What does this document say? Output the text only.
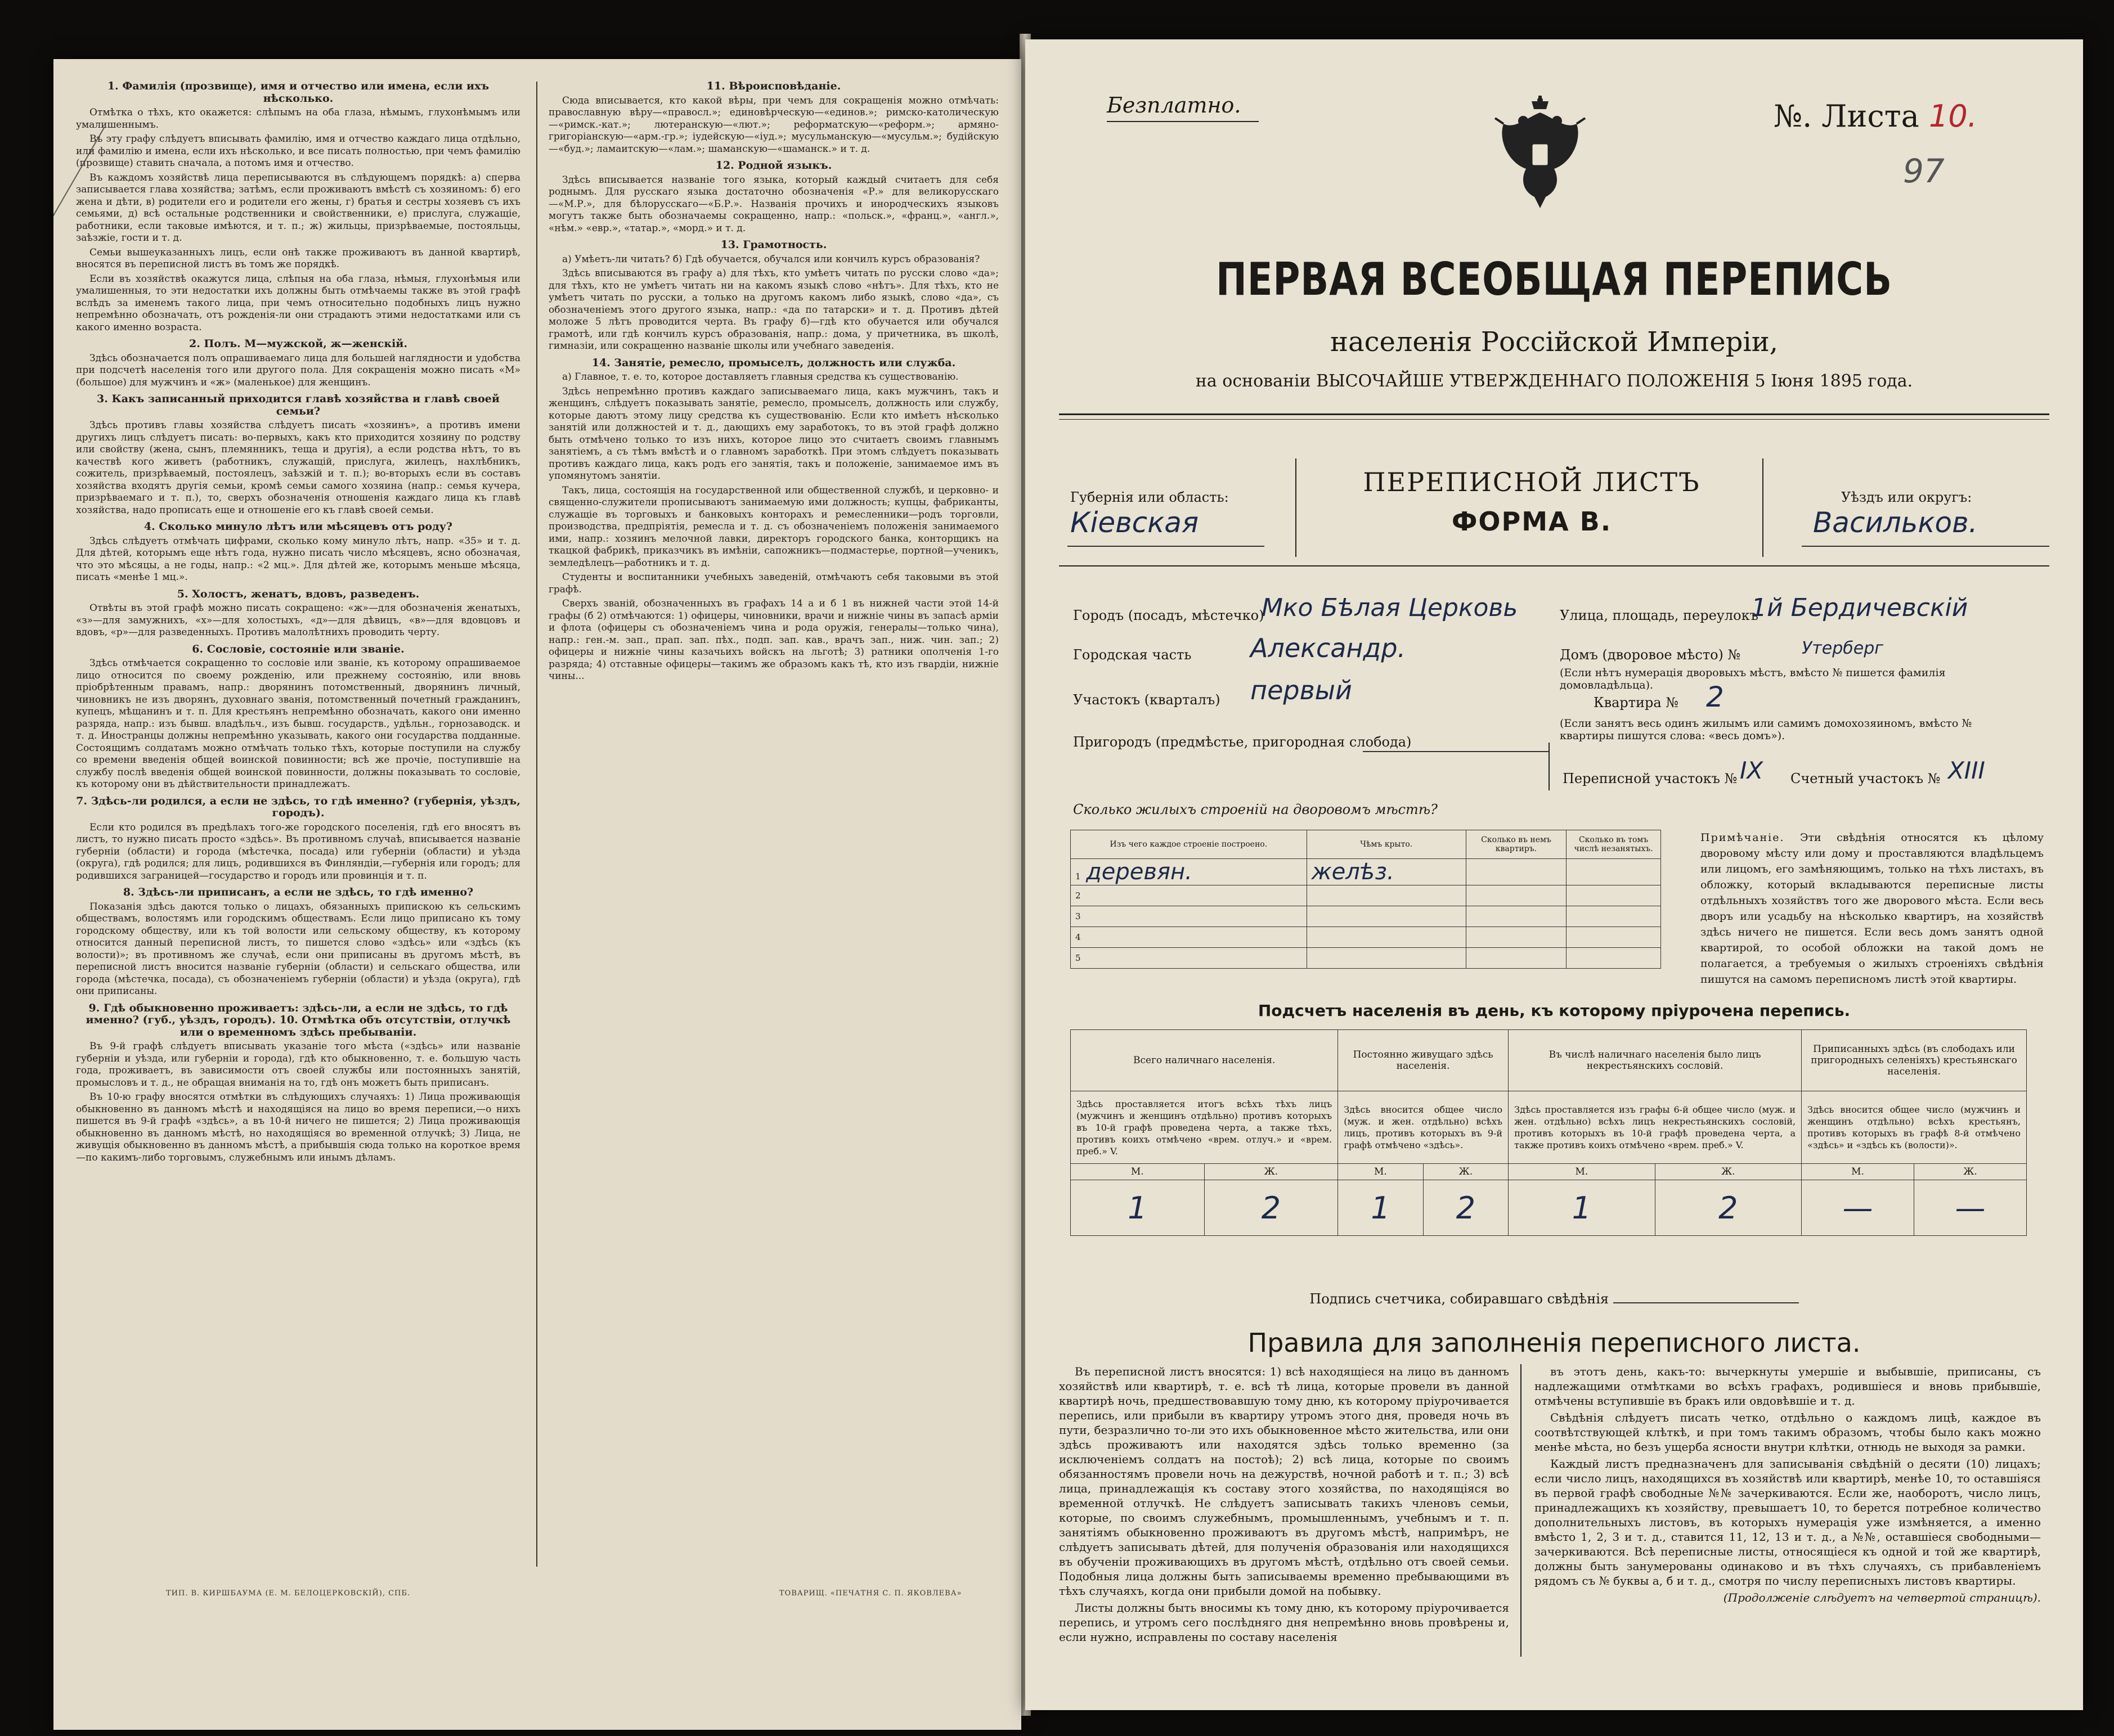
1. Фамилія (прозвище), имя и отчество или имена, если ихъ нѣсколько.

Отмѣтка о тѣхъ, кто окажется: слѣпымъ на оба глаза, нѣмымъ, глухонѣмымъ или умалишеннымъ.

Въ эту графу слѣдуетъ вписывать фамилію, имя и отчество каждаго лица отдѣльно, или фамилію и имена, если ихъ нѣсколько, и все писать полностью, при чемъ фамилію (прозвище) ставить сначала, а потомъ имя и отчество.

Въ каждомъ хозяйствѣ лица переписываются въ слѣдующемъ порядкѣ: а) сперва записывается глава хозяйства; затѣмъ, если проживаютъ вмѣстѣ съ хозяиномъ: б) его жена и дѣти, в) родители его и родители его жены, г) братья и сестры хозяевъ съ ихъ семьями, д) всѣ остальные родственники и свойственники, е) прислуга, служащіе, работники, если таковые имѣются, и т. п.; ж) жильцы, призрѣваемые, постояльцы, заѣзжіе, гости и т. д.

Семьи вышеуказанныхъ лицъ, если онѣ также проживаютъ въ данной квартирѣ, вносятся въ переписной листъ въ томъ же порядкѣ.

Если въ хозяйствѣ окажутся лица, слѣпыя на оба глаза, нѣмыя, глухонѣмыя или умалишенныя, то эти недостатки ихъ должны быть отмѣчаемы также въ этой графѣ вслѣдъ за именемъ такого лица, при чемъ относительно подобныхъ лицъ нужно непремѣнно обозначать, отъ рожденія-ли они страдаютъ этими недостатками или съ какого именно возраста.

2. Полъ. М—мужской, ж—женскій.

Здѣсь обозначается полъ опрашиваемаго лица для большей наглядности и удобства при подсчетѣ населенія того или другого пола. Для сокращенія можно писать «М» (большое) для мужчинъ и «ж» (маленькое) для женщинъ.

3. Какъ записанный приходится главѣ хозяйства и главѣ своей семьи?

Здѣсь противъ главы хозяйства слѣдуетъ писать «хозяинъ», а противъ имени другихъ лицъ слѣдуетъ писать: во-первыхъ, какъ кто приходится хозяину по родству или свойству (жена, сынъ, племянникъ, теща и другія), а если родства нѣтъ, то въ качествѣ кого живетъ (работникъ, служащій, прислуга, жилецъ, нахлѣбникъ, сожитель, призрѣваемый, постоялецъ, заѣзжій и т. п.); во-вторыхъ если въ составъ хозяйства входятъ другія семьи, кромѣ семьи самого хозяина (напр.: семья кучера, призрѣваемаго и т. п.), то, сверхъ обозначенія отношенія каждаго лица къ главѣ хозяйства, надо прописать еще и отношеніе его къ главѣ своей семьи.

4. Сколько минуло лѣтъ или мѣсяцевъ отъ роду?

Здѣсь слѣдуетъ отмѣчать цифрами, сколько кому минуло лѣтъ, напр. «35» и т. д. Для дѣтей, которымъ еще нѣтъ года, нужно писать число мѣсяцевъ, ясно обозначая, что это мѣсяцы, а не годы, напр.: «2 мц.». Для дѣтей же, которымъ меньше мѣсяца, писать «менѣе 1 мц.».

5. Холостъ, женатъ, вдовъ, разведенъ.

Отвѣты въ этой графѣ можно писать сокращено: «ж»—для обозначенія женатыхъ, «з»—для замужнихъ, «х»—для холостыхъ, «д»—для дѣвицъ, «в»—для вдовцовъ и вдовъ, «р»—для разведенныхъ. Противъ малолѣтнихъ проводить черту.

6. Сословіе, состояніе или званіе.

Здѣсь отмѣчается сокращенно то сословіе или званіе, къ которому опрашиваемое лицо относится по своему рожденію, или прежнему состоянію, или вновь пріобрѣтенным правамъ, напр.: дворянинъ потомственный, дворянинъ личный, чиновникъ не изъ дворянъ, духовнаго званія, потомственный почетный гражданинъ, купецъ, мѣщанинъ и т. п. Для крестьянъ непремѣнно обозначать, какого они именно разряда, напр.: изъ бывш. владѣльч., изъ бывш. государств., удѣльн., горнозаводск. и т. д. Иностранцы должны непремѣнно указывать, какого они государства подданные. Состоящимъ солдатамъ можно отмѣчать только тѣхъ, которые поступили на службу со времени введенія общей воинской повинности; всѣ же прочіе, поступившіе на службу послѣ введенія общей воинской повинности, должны показывать то сословіе, къ которому они въ дѣйствительности принадлежатъ.

7. Здѣсь-ли родился, а если не здѣсь, то гдѣ именно? (губернія, уѣздъ, городъ).

Если кто родился въ предѣлахъ того-же городского поселенія, гдѣ его вносятъ въ листъ, то нужно писать просто «здѣсь». Въ противномъ случаѣ, вписывается названіе губерніи (области) и города (мѣстечка, посада) или губерніи (области) и уѣзда (округа), гдѣ родился; для лицъ, родившихся въ Финляндіи,—губернія или городъ; для родившихся заграницей—государство и городъ или провинція и т. п.

8. Здѣсь-ли приписанъ, а если не здѣсь, то гдѣ именно?

Показанія здѣсь даются только о лицахъ, обязанныхъ припискою къ сельскимъ обществамъ, волостямъ или городскимъ обществамъ. Если лицо приписано къ тому городскому обществу, или къ той волости или сельскому обществу, къ которому относится данный переписной листъ, то пишется слово «здѣсь» или «здѣсь (къ волости)»; въ противномъ же случаѣ, если они приписаны въ другомъ мѣстѣ, въ переписной листъ вносится названіе губерніи (области) и сельскаго общества, или города (мѣстечка, посада), съ обозначеніемъ губерніи (области) и уѣзда (округа), гдѣ они приписаны.

9. Гдѣ обыкновенно проживаетъ: здѣсь-ли, а если не здѣсь, то гдѣ именно? (губ., уѣздъ, городъ). 10. Отмѣтка объ отсутствіи, отлучкѣ или о временномъ здѣсь пребываніи.

Въ 9-й графѣ слѣдуетъ вписывать указаніе того мѣста («здѣсь» или названіе губерніи и уѣзда, или губерніи и города), гдѣ кто обыкновенно, т. е. большую часть года, проживаетъ, въ зависимости отъ своей службы или постоянныхъ занятій, промысловъ и т. д., не обращая вниманія на то, гдѣ онъ можетъ быть приписанъ.

Въ 10-ю графу вносятся отмѣтки въ слѣдующихъ случаяхъ: 1) Лица проживающія обыкновенно въ данномъ мѣстѣ и находящіяся на лицо во время переписи,—о нихъ пишется въ 9-й графѣ «здѣсь», а въ 10-й ничего не пишется; 2) Лица проживающія обыкновенно въ данномъ мѣстѣ, но находящіяся во временной отлучкѣ; 3) Лица, не живущія обыкновенно въ данномъ мѣстѣ, а прибывшія сюда только на короткое время—по какимъ-либо торговымъ, служебнымъ или инымъ дѣламъ.

11. Вѣроисповѣданіе.

Сюда вписывается, кто какой вѣры, при чемъ для сокращенія можно отмѣчать: православную вѣру—«правосл.»; единовѣрческую—«единов.»; римско-католическую—«римск.-кат.»; лютеранскую—«лют.»; реформатскую—«реформ.»; армяно-григоріанскую—«арм.-гр.»; іудейскую—«іуд.»; мусульманскую—«мусульм.»; будійскую—«буд.»; ламаитскую—«лам.»; шаманскую—«шаманск.» и т. д.

12. Родной языкъ.

Здѣсь вписывается названіе того языка, который каждый считаетъ для себя роднымъ. Для русскаго языка достаточно обозначенія «Р.» для великорусскаго—«М.Р.», для бѣлорусскаго—«Б.Р.». Названія прочихъ и инородческихъ языковъ могутъ также быть обозначаемы сокращенно, напр.: «польск.», «франц.», «англ.», «нѣм.» «евр.», «татар.», «морд.» и т. д.

13. Грамотность.

а) Умѣетъ-ли читать? б) Гдѣ обучается, обучался или кончилъ курсъ образованія?

Здѣсь вписываются въ графу а) для тѣхъ, кто умѣетъ читать по русски слово «да»; для тѣхъ, кто не умѣетъ читать ни на какомъ языкѣ слово «нѣтъ». Для тѣхъ, кто не умѣетъ читать по русски, а только на другомъ какомъ либо языкѣ, слово «да», съ обозначеніемъ этого другого языка, напр.: «да по татарски» и т. д. Противъ дѣтей моложе 5 лѣтъ проводится черта. Въ графу б)—гдѣ кто обучается или обучался грамотѣ, или гдѣ кончилъ курсъ образованія, напр.: дома, у причетника, въ школѣ, гимназіи, или сокращенно названіе школы или учебнаго заведенія.

14. Занятіе, ремесло, промыселъ, должность или служба.

а) Главное, т. е. то, которое доставляетъ главныя средства къ существованію.

Здѣсь непремѣнно противъ каждаго записываемаго лица, какъ мужчинъ, такъ и женщинъ, слѣдуетъ показывать занятіе, ремесло, промыселъ, должность или службу, которые даютъ этому лицу средства къ существованію. Если кто имѣетъ нѣсколько занятій или должностей и т. д., дающихъ ему заработокъ, то въ этой графѣ должно быть отмѣчено только то изъ нихъ, которое лицо это считаетъ своимъ главнымъ занятіемъ, а съ тѣмъ вмѣстѣ и о главномъ заработкѣ. При этомъ слѣдуетъ показывать противъ каждаго лица, какъ родъ его занятія, такъ и положеніе, занимаемое имъ въ упомянутомъ занятіи.

Такъ, лица, состоящія на государственной или общественной службѣ, и церковно- и священно-служители прописываютъ занимаемую ими должность; купцы, фабриканты, служащіе въ торговыхъ и банковыхъ конторахъ и ремесленники—родъ торговли, производства, предпріятія, ремесла и т. д. съ обозначеніемъ положенія занимаемого ими, напр.: хозяинъ мелочной лавки, директоръ городского банка, конторщикъ на ткацкой фабрикѣ, приказчикъ въ имѣніи, сапожникъ—подмастерье, портной—ученикъ, земледѣлецъ—работникъ и т. д.

Студенты и воспитанники учебныхъ заведеній, отмѣчаютъ себя таковыми въ этой графѣ.

Сверхъ званій, обозначенныхъ въ графахъ 14 а и б 1 въ нижней части этой 14-й графы (б 2) отмѣчаются: 1) офицеры, чиновники, врачи и нижніе чины въ запасѣ арміи и флота (офицеры съ обозначеніемъ чина и рода оружія, генералы—только чина), напр.: ген.-м. зап., прап. зап. пѣх., подп. зап. кав., врачъ зап., ниж. чин. зап.; 2) офицеры и нижніе чины казачьихъ войскъ на льготѣ; 3) ратники ополченія 1-го разряда; 4) отставные офицеры—такимъ же образомъ какъ тѣ, кто изъ гвардіи, нижніе чины...

ТИП. В. КИРШБАУМА (Е. М. БЕЛОЦЕРКОВСКІЙ), СПБ.	ТОВАРИЩ. «ПЕЧАТНЯ С. П. ЯКОВЛЕВА»
Безплатно.	№. Листа 10.
97
ПЕРВАЯ ВСЕОБЩАЯ ПЕРЕПИСЬ
населенія Россійской Имперіи,
на основаніи ВЫСОЧАЙШЕ УТВЕРЖДЕННАГО ПОЛОЖЕНІЯ 5 Іюня 1895 года.
Губернія или область:
Кіевская
ПЕРЕПИСНОЙ ЛИСТЪ
ФОРМА В.
Уѣздъ или округъ:
Васильков.
Городъ (посадъ, мѣстечко)
Мко Бѣлая Церковь	Улица, площадь, переулокъ
1й Бердичевскій
Городская часть Александр.	Домъ (дворовое мѣсто) №	Утерберг
(Если нѣтъ нумерація дворовыхъ мѣстъ, вмѣсто № пишется фамилія домовладѣльца).
Участокъ (кварталъ) первый	Квартира № 2
(Если занятъ весь одинъ жилымъ или самимъ домохозяиномъ, вмѣсто № квартиры пишутся слова: «весь домъ»).
Пригородъ (предмѣстье, пригородная слобода)
Переписной участокъ № IX Счетный участокъ № XIII
Сколько жилыхъ строеній на дворовомъ мѣстѣ?
Изъ чего каждое строеніе построено.	Чѣмъ крыто.	Сколько въ немъ квартиръ.	Сколько въ томъ числѣ незанятыхъ.
1 деревян.	желѣз.		
2			
3			
4			
5			
Примѣчаніе. Эти свѣдѣнія относятся къ цѣлому дворовому мѣсту или дому и проставляются владѣльцемъ или лицомъ, его замѣняющимъ, только на тѣхъ листахъ, въ обложку, который вкладываются переписные листы отдѣльныхъ хозяйствъ того же дворового мѣста. Если весь дворъ или усадьбу на нѣсколько квартиръ, на хозяйствѣ здѣсь ничего не пишется. Если весь домъ занятъ одной квартирой, то особой обложки на такой домъ не полагается, а требуемыя о жилыхъ строеніяхъ свѣдѣнія пишутся на самомъ переписномъ листѣ этой квартиры.
Подсчетъ населенія въ день, къ которому пріурочена перепись.
Всего наличнаго населенія.		Постоянно живущаго здѣсь населенія.		Въ числѣ наличнаго населенія было лицъ некрестьянскихъ сословій.		Приписанныхъ здѣсь (въ слободахъ или пригородныхъ селеніяхъ) крестьянскаго населенія.	
Здѣсь проставляется итогъ всѣхъ тѣхъ лицъ (мужчинъ и женщинъ отдѣльно) противъ которыхъ въ 10-й графѣ проведена черта, а также тѣхъ, противъ коихъ отмѣчено «врем. отлуч.» и «врем. преб.» V.		Здѣсь вносится общее число (муж. и жен. отдѣльно) всѣхъ лицъ, противъ которыхъ въ 9-й графѣ отмѣчено «здѣсь».		Здѣсь проставляется изъ графы 6-й общее число (муж. и жен. отдѣльно) всѣхъ лицъ некрестьянскихъ сословій, противъ которыхъ въ 10-й графѣ проведена черта, а также противъ коихъ отмѣчено «врем. преб.» V.		Здѣсь вносится общее число (мужчинъ и женщинъ отдѣльно) всѣхъ крестьянъ, противъ которыхъ въ графѣ 8-й отмѣчено «здѣсь» и «здѣсь къ (волости)».	
М.	Ж.	М.	Ж.	М.	Ж.	М.	Ж.
1	2	1	2	1	2	—	—
Подпись счетчика, собиравшаго свѣдѣнія
Правила для заполненія переписного листа.

Въ переписной листъ вносятся: 1) всѣ находящіеся на лицо въ данномъ хозяйствѣ или квартирѣ, т. е. всѣ тѣ лица, которые провели въ данной квартирѣ ночь, предшествовавшую тому дню, къ которому пріурочивается перепись, или прибыли въ квартиру утромъ этого дня, проведя ночь въ пути, безразлично то-ли это ихъ обыкновенное мѣсто жительства, или они здѣсь проживаютъ или находятся здѣсь только временно (за исключеніемъ солдатъ на постоѣ); 2) всѣ лица, которые по своимъ обязанностямъ провели ночь на дежурствѣ, ночной работѣ и т. п.; 3) всѣ лица, принадлежащія къ составу этого хозяйства, по находящіяся во временной отлучкѣ. Не слѣдуетъ записывать такихъ членовъ семьи, которые, по своимъ служебнымъ, промышленнымъ, учебнымъ и т. п. занятіямъ обыкновенно проживаютъ въ другомъ мѣстѣ, напримѣръ, не слѣдуетъ записывать дѣтей, для полученія образованія или находящихся въ обученіи проживающихъ въ другомъ мѣстѣ, отдѣльно отъ своей семьи. Подобныя лица должны быть записываемы временно пребывающими въ тѣхъ случаяхъ, когда они прибыли домой на побывку.

Листы должны быть вносимы къ тому дню, къ которому пріурочивается перепись, и утромъ сего послѣдняго дня непремѣнно вновь провѣрены и, если нужно, исправлены по составу населенія

въ этотъ день, какъ-то: вычеркнуты умершіе и выбывшіе, приписаны, съ надлежащими отмѣтками во всѣхъ графахъ, родившіеся и вновь прибывшіе, отмѣчены вступившіе въ бракъ или овдовѣвшіе и т. д.

Свѣдѣнія слѣдуетъ писать четко, отдѣльно о каждомъ лицѣ, каждое въ соотвѣтствующей клѣткѣ, и при томъ такимъ образомъ, чтобы было какъ можно менѣе мѣста, но безъ ущерба ясности внутри клѣтки, отнюдь не выходя за рамки.

Каждый листъ предназначенъ для записыванія свѣдѣній о десяти (10) лицахъ; если число лицъ, находящихся въ хозяйствѣ или квартирѣ, менѣе 10, то оставшіяся въ первой графѣ свободные №№ зачеркиваются. Если же, наоборотъ, число лицъ, принадлежащихъ къ хозяйству, превышаетъ 10, то берется потребное количество дополнительныхъ листовъ, въ которыхъ нумерація уже измѣняется, а именно вмѣсто 1, 2, 3 и т. д., ставится 11, 12, 13 и т. д., а №№, оставшіеся свободными—зачеркиваются. Всѣ переписные листы, относящіеся къ одной и той же квартирѣ, должны быть занумерованы одинаково и въ тѣхъ случаяхъ, съ прибавленіемъ рядомъ съ № буквы а, б и т. д., смотря по числу переписныхъ листовъ квартиры.

(Продолженіе слѣдуетъ на четвертой страницѣ).
